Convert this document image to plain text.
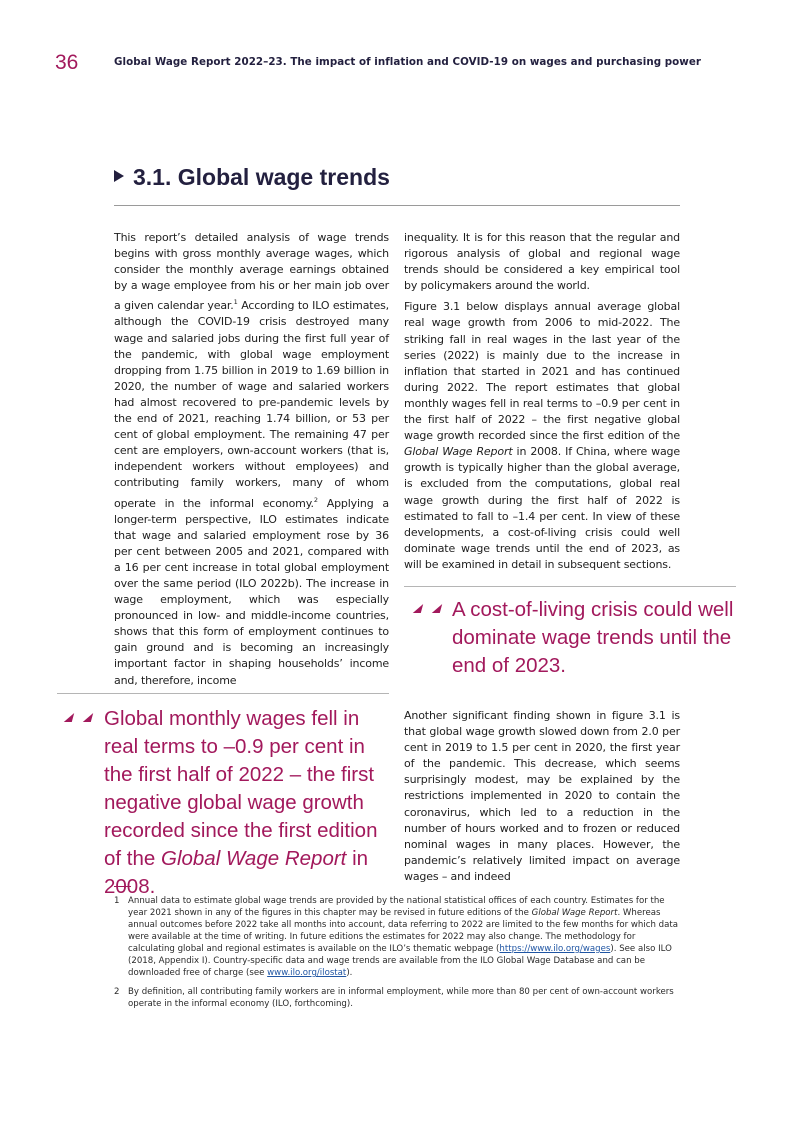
36	Global Wage Report 2022–23. The impact of inflation and COVID-19 on wages and purchasing power
3.1. Global wage trends

This report’s detailed analysis of wage trends begins with gross monthly average wages, which consider the monthly average earnings obtained by a wage employee from his or her main job over a given calendar year.$^1$ According to ILO estimates, although the COVID-19 crisis destroyed many wage and salaried jobs during the first full year of the pandemic, with global wage employment dropping from 1.75 billion in 2019 to 1.69 billion in 2020, the number of wage and salaried workers had almost recovered to pre-pandemic levels by the end of 2021, reaching 1.74 billion, or 53 per cent of global employment. The remaining 47 per cent are employers, own-account workers (that is, independent workers without employees) and contributing family workers, many of whom operate in the informal economy.$^2$ Applying a longer-term perspective, ILO estimates indicate that wage and salaried employment rose by 36 per cent between 2005 and 2021, compared with a 16 per cent increase in total global employment over the same period (ILO 2022b). The increase in wage employment, which was especially pronounced in low- and middle-income countries, shows that this form of employment continues to gain ground and is becoming an increasingly important factor in shaping households’ income and, therefore, income

inequality. It is for this reason that the regular and rigorous analysis of global and regional wage trends should be considered a key empirical tool by policymakers around the world.

Figure 3.1 below displays annual average global real wage growth from 2006 to mid-2022. The striking fall in real wages in the last year of the series (2022) is mainly due to the increase in inflation that started in 2021 and has continued during 2022. The report estimates that global monthly wages fell in real terms to –0.9 per cent in the first half of 2022 – the first negative global wage growth recorded since the first edition of the Global Wage Report in 2008. If China, where wage growth is typically higher than the global average, is excluded from the computations, global real wage growth during the first half of 2022 is estimated to fall to –1.4 per cent. In view of these developments, a cost-of-living crisis could well dominate wage trends until the end of 2023, as will be examined in detail in subsequent sections.

A cost-of-living crisis could well dominate wage trends until the end of 2023.

Another significant finding shown in figure 3.1 is that global wage growth slowed down from 2.0 per cent in 2019 to 1.5 per cent in 2020, the first year of the pandemic. This decrease, which seems surprisingly modest, may be explained by the restrictions implemented in 2020 to contain the coronavirus, which led to a reduction in the number of hours worked and to frozen or reduced nominal wages in many places. However, the pandemic’s relatively limited impact on average wages – and indeed

Global monthly wages fell in real terms to –0.9 per cent in the first half of 2022 – the first negative global wage growth recorded since the first edition of the Global Wage Report in 2008.
1 Annual data to estimate global wage trends are provided by the national statistical offices of each country. Estimates for the year 2021 shown in any of the figures in this chapter may be revised in future editions of the Global Wage Report. Whereas annual outcomes before 2022 take all months into account, data referring to 2022 are limited to the few months for which data were available at the time of writing. In future editions the estimates for 2022 may also change. The methodology for calculating global and regional estimates is available on the ILO’s thematic webpage (https://www.ilo.org/wages). See also ILO (2018, Appendix I). Country-specific data and wage trends are available from the ILO Global Wage Database and can be downloaded free of charge (see www.ilo.org/ilostat).
2 By definition, all contributing family workers are in informal employment, while more than 80 per cent of own-account workers operate in the informal economy (ILO, forthcoming).
